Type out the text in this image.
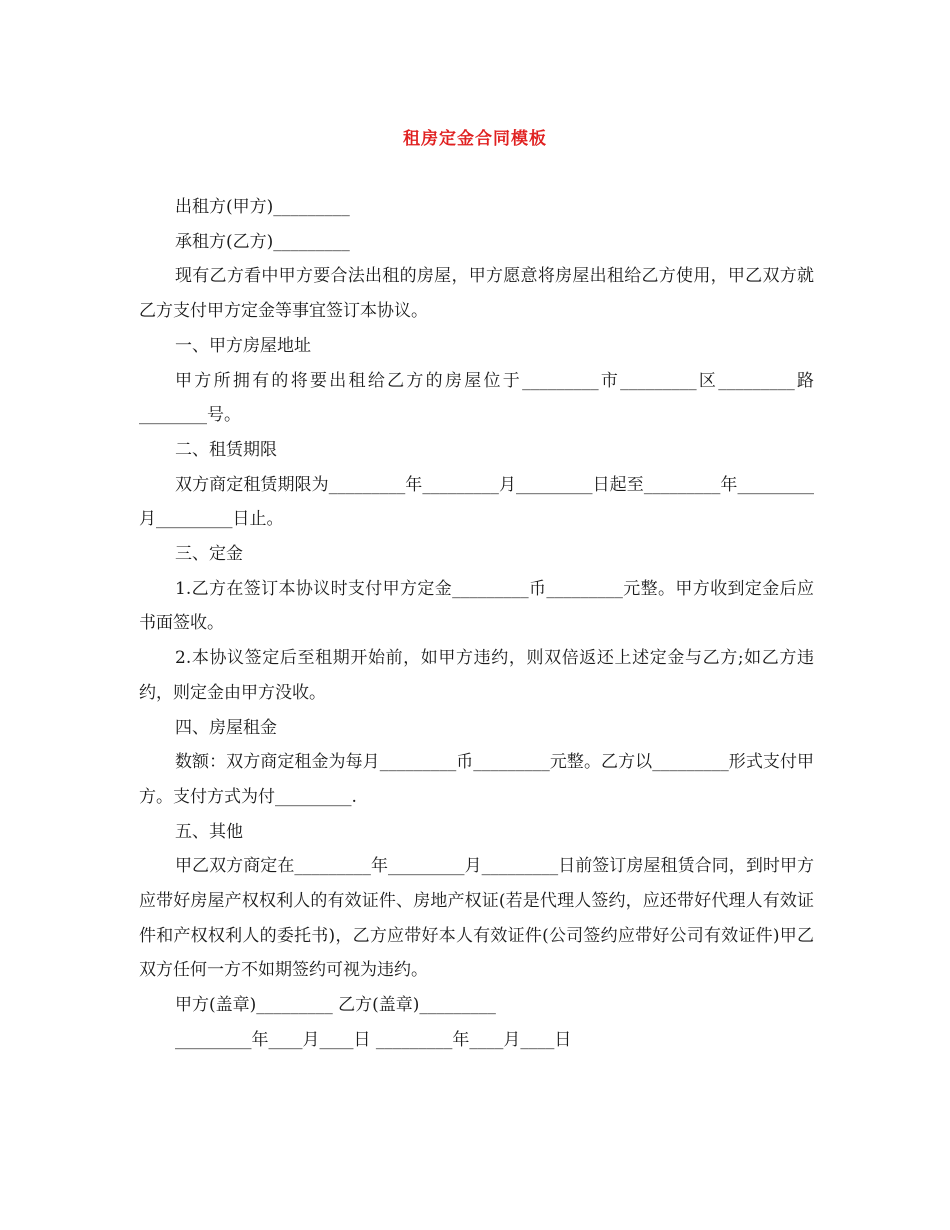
租房定金合同模板

出租方(甲方)_________

承租方(乙方)_________

现有乙方看中甲方要合法出租的房屋，甲方愿意将房屋出租给乙方使用，甲乙双方就乙方支付甲方定金等事宜签订本协议。

一、甲方房屋地址

甲方所拥有的将要出租给乙方的房屋位于_________市_________区_________路________号。

二、租赁期限

双方商定租赁期限为_________年_________月_________日起至_________年_________月_________日止。

三、定金

1.乙方在签订本协议时支付甲方定金_________币_________元整。甲方收到定金后应书面签收。

2.本协议签定后至租期开始前，如甲方违约，则双倍返还上述定金与乙方;如乙方违约，则定金由甲方没收。

四、房屋租金

数额：双方商定租金为每月_________币_________元整。乙方以_________形式支付甲方。支付方式为付_________.

五、其他

甲乙双方商定在_________年_________月_________日前签订房屋租赁合同，到时甲方应带好房屋产权权利人的有效证件、房地产权证(若是代理人签约，应还带好代理人有效证件和产权权利人的委托书)，乙方应带好本人有效证件(公司签约应带好公司有效证件)甲乙双方任何一方不如期签约可视为违约。

甲方(盖章)_________ 乙方(盖章)_________

_________年____月____日 _________年____月____日
